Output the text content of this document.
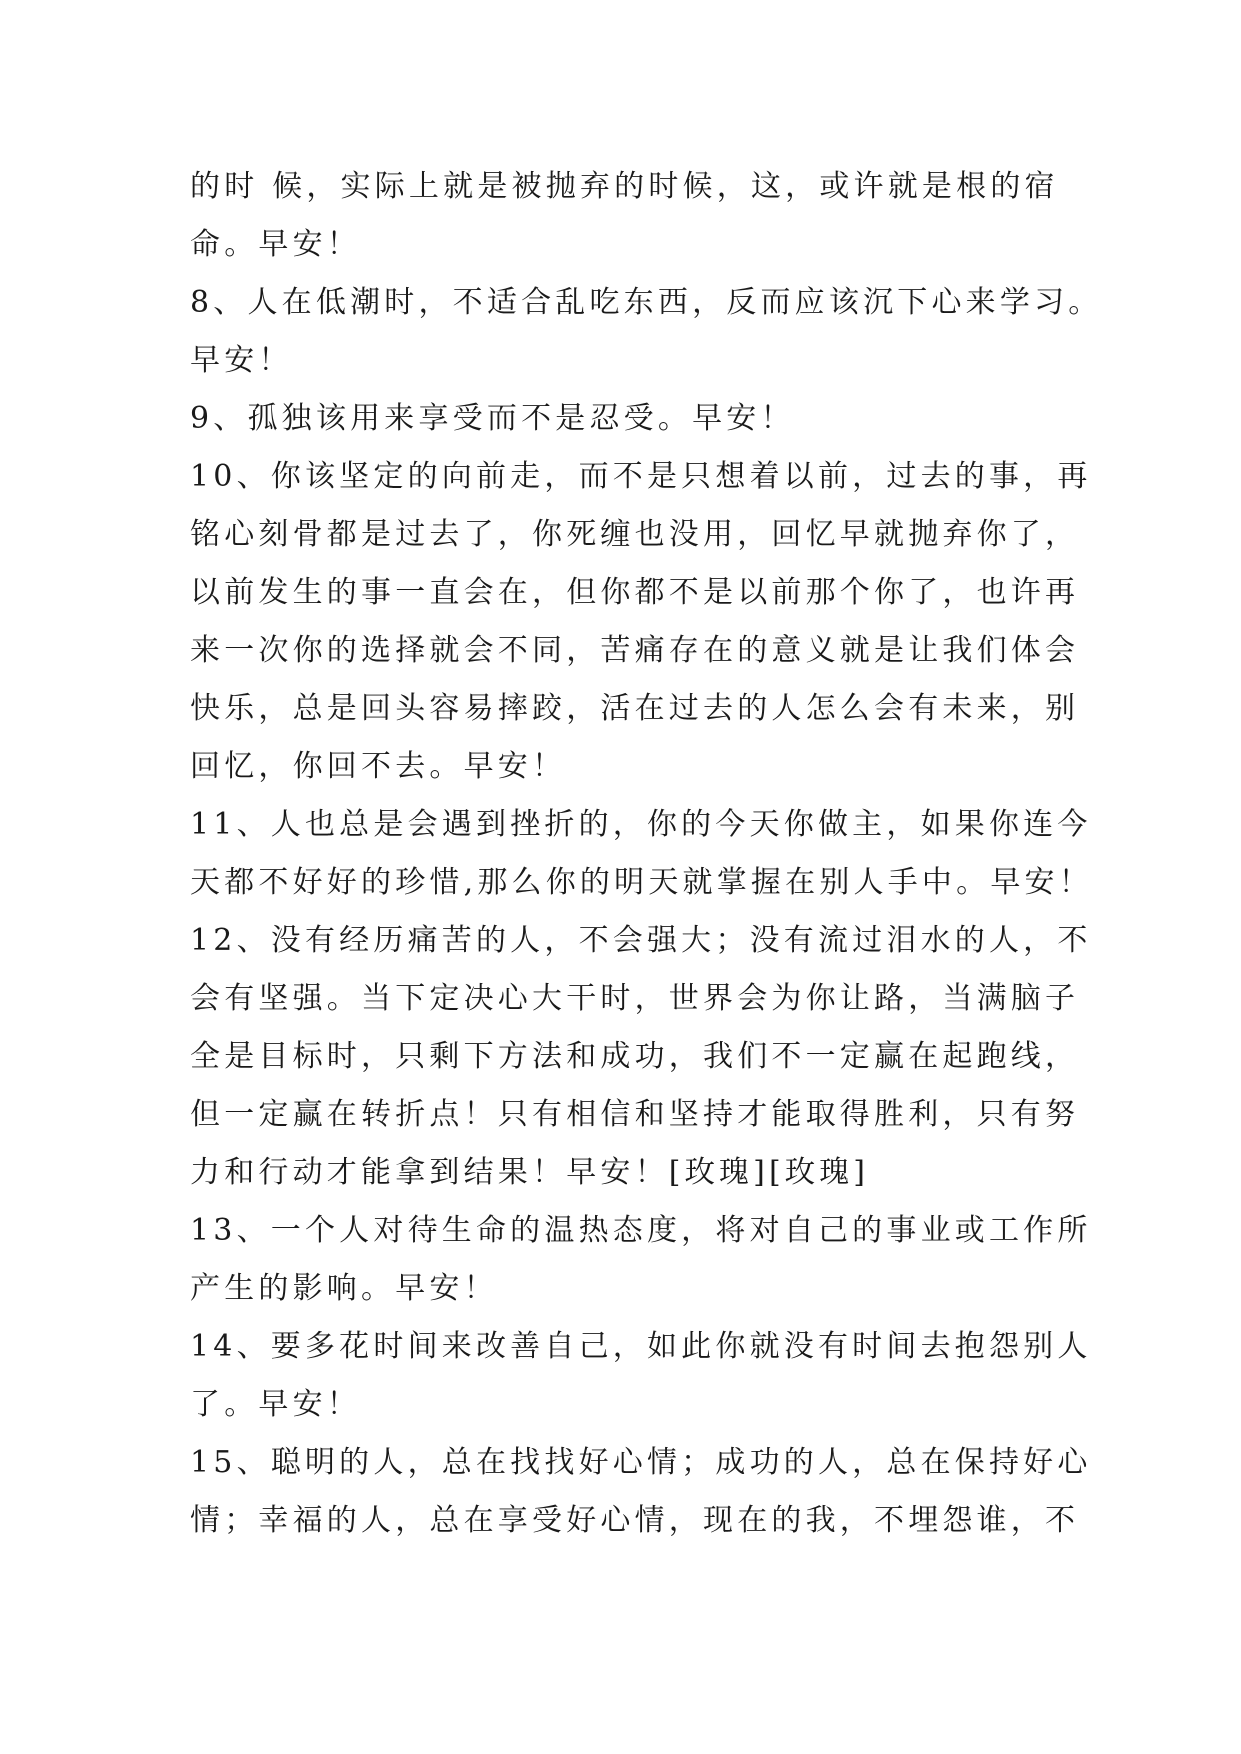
的时 候，实际上就是被抛弃的时候，这，或许就是根的宿
命。早安！
8、人在低潮时，不适合乱吃东西，反而应该沉下心来学习。
早安！
9、孤独该用来享受而不是忍受。早安！
10、你该坚定的向前走，而不是只想着以前，过去的事，再
铭心刻骨都是过去了，你死缠也没用，回忆早就抛弃你了，
以前发生的事一直会在，但你都不是以前那个你了，也许再
来一次你的选择就会不同，苦痛存在的意义就是让我们体会
快乐，总是回头容易摔跤，活在过去的人怎么会有未来，别
回忆，你回不去。早安！
11、人也总是会遇到挫折的，你的今天你做主，如果你连今
天都不好好的珍惜,那么你的明天就掌握在别人手中。早安！
12、没有经历痛苦的人，不会强大；没有流过泪水的人，不
会有坚强。当下定决心大干时，世界会为你让路，当满脑子
全是目标时，只剩下方法和成功，我们不一定赢在起跑线，
但一定赢在转折点！只有相信和坚持才能取得胜利，只有努
力和行动才能拿到结果！早安！[玫瑰][玫瑰]
13、一个人对待生命的温热态度，将对自己的事业或工作所
产生的影响。早安！
14、要多花时间来改善自己，如此你就没有时间去抱怨别人
了。早安！
15、聪明的人，总在找找好心情；成功的人，总在保持好心
情；幸福的人，总在享受好心情，现在的我，不埋怨谁，不
